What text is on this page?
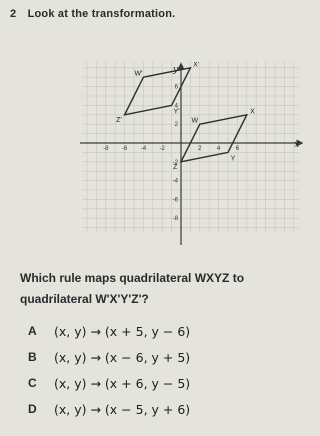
2 Look at the transformation.
x
y
-8 -6 -4 -2	2	4	6
6
4
2
-2
-4
-6
-8
W
X
Y
Z
W'
X'
Y'
Z'
Which rule maps quadrilateral WXYZ to
quadrilateral W'X'Y'Z'?
A	(x, y) → (x + 5, y − 6)
B	(x, y) → (x − 6, y + 5)
C	(x, y) → (x + 6, y − 5)
D	(x, y) → (x − 5, y + 6)
